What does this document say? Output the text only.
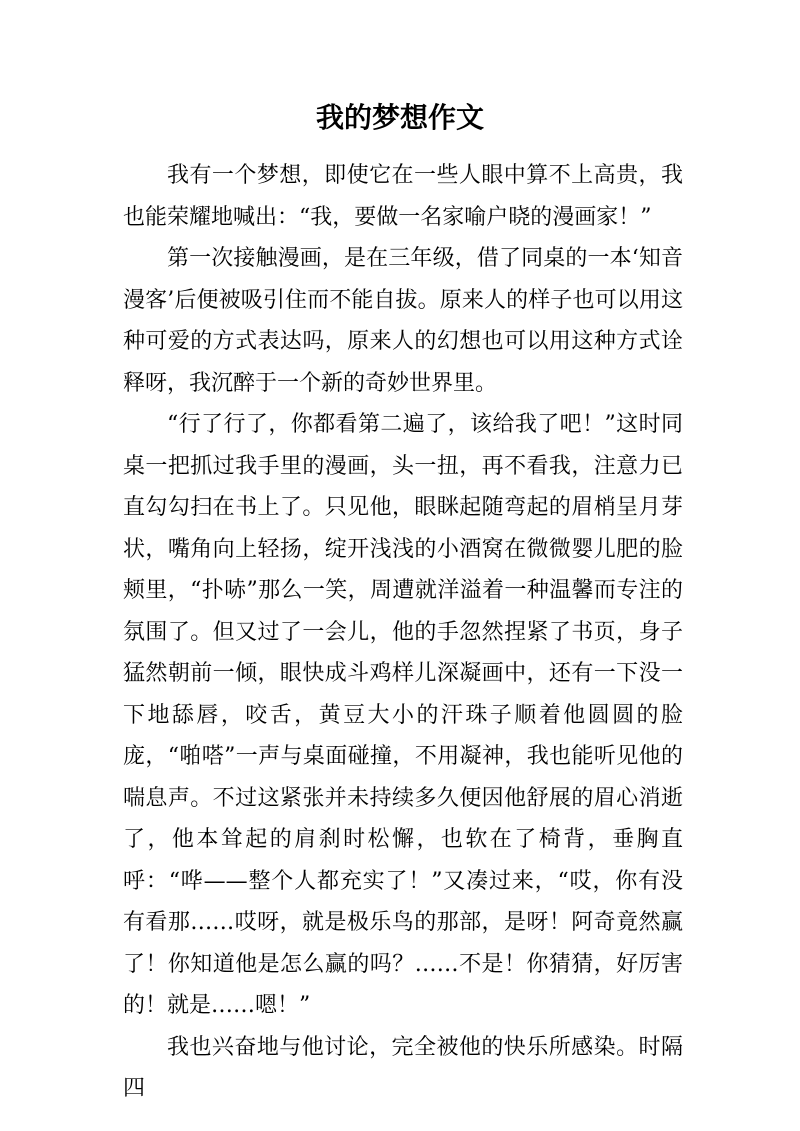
我的梦想作文

我有一个梦想，即使它在一些人眼中算不上高贵，我也能荣耀地喊出：“我，要做一名家喻户晓的漫画家！”

第一次接触漫画，是在三年级，借了同桌的一本‘知音漫客’后便被吸引住而不能自拔。原来人的样子也可以用这种可爱的方式表达吗，原来人的幻想也可以用这种方式诠释呀，我沉醉于一个新的奇妙世界里。

“行了行了，你都看第二遍了，该给我了吧！”这时同桌一把抓过我手里的漫画，头一扭，再不看我，注意力已直勾勾扫在书上了。只见他，眼眯起随弯起的眉梢呈月芽状，嘴角向上轻扬，绽开浅浅的小酒窝在微微婴儿肥的脸颊里，“扑哧”那么一笑，周遭就洋溢着一种温馨而专注的氛围了。但又过了一会儿，他的手忽然捏紧了书页，身子猛然朝前一倾，眼快成斗鸡样儿深凝画中，还有一下没一下地舔唇，咬舌，黄豆大小的汗珠子顺着他圆圆的脸庞，“啪嗒”一声与桌面碰撞，不用凝神，我也能听见他的喘息声。不过这紧张并未持续多久便因他舒展的眉心消逝了，他本耸起的肩刹时松懈，也软在了椅背，垂胸直呼：“哗——整个人都充实了！”又凑过来，“哎，你有没有看那……哎呀，就是极乐鸟的那部，是呀！阿奇竟然赢了！你知道他是怎么赢的吗？……不是！你猜猜，好厉害的！就是……嗯！”

我也兴奋地与他讨论，完全被他的快乐所感染。时隔四
